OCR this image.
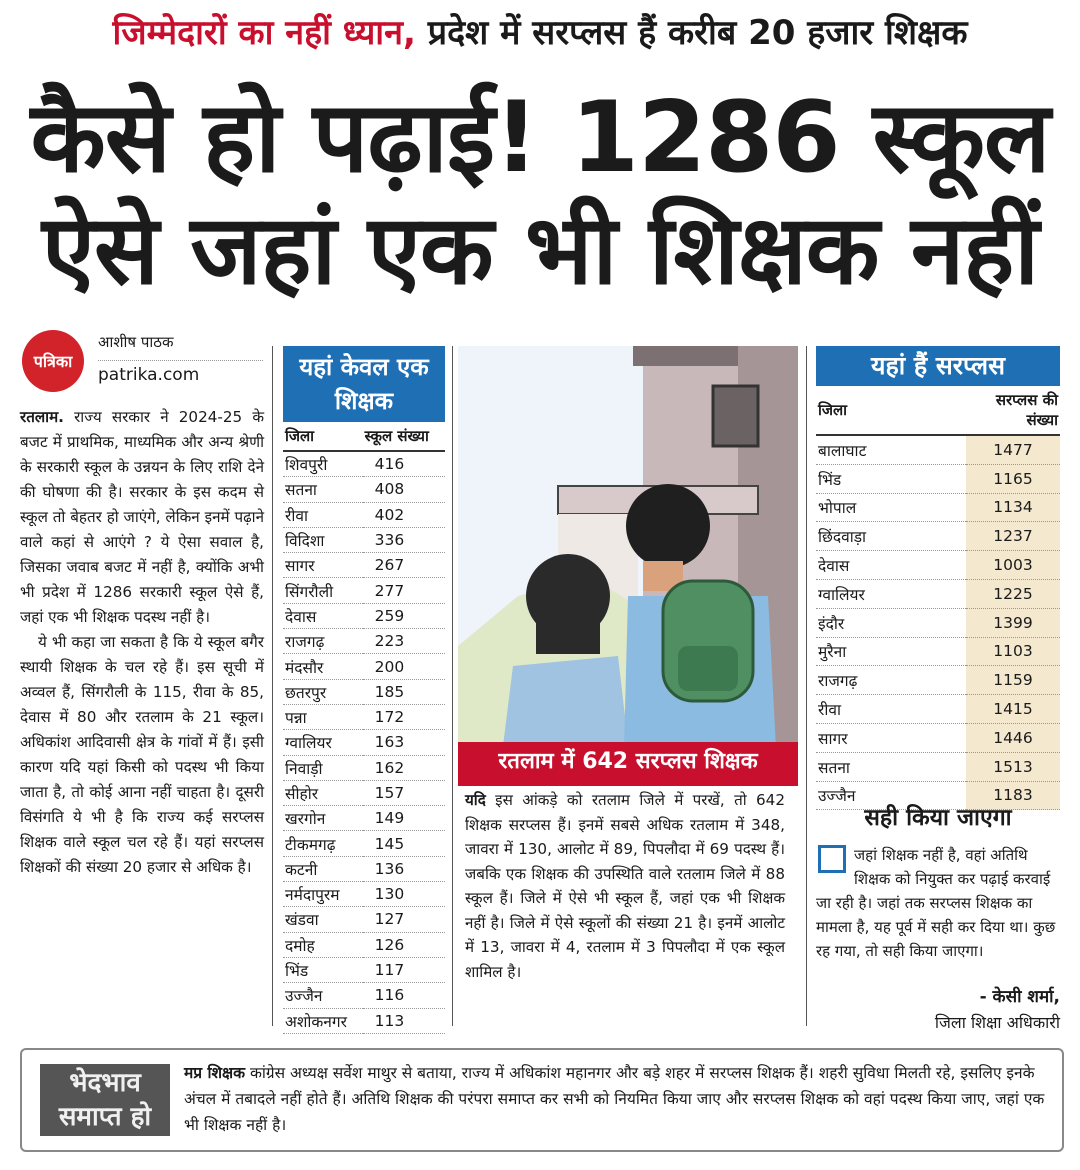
जिम्मेदारों का नहीं ध्यान, प्रदेश में सरप्लस हैं करीब 20 हजार शिक्षक
कैसे हो पढ़ाई! 1286 स्कूल
ऐसे जहां एक भी शिक्षक नहीं
पत्रिका
आशीष पाठक
patrika.com

रतलाम. राज्य सरकार ने 2024-25 के बजट में प्राथमिक, माध्यमिक और अन्य श्रेणी के सरकारी स्कूल के उन्नयन के लिए राशि देने की घोषणा की है। सरकार के इस कदम से स्कूल तो बेहतर हो जाएंगे, लेकिन इनमें पढ़ाने वाले कहां से आएंगे ? ये ऐसा सवाल है, जिसका जवाब बजट में नहीं है, क्योंकि अभी भी प्रदेश में 1286 सरकारी स्कूल ऐसे हैं, जहां एक भी शिक्षक पदस्थ नहीं है।

ये भी कहा जा सकता है कि ये स्कूल बगैर स्थायी शिक्षक के चल रहे हैं। इस सूची में अव्वल हैं, सिंगरौली के 115, रीवा के 85, देवास में 80 और रतलाम के 21 स्कूल। अधिकांश आदिवासी क्षेत्र के गांवों में हैं। इसी कारण यदि यहां किसी को पदस्थ भी किया जाता है, तो कोई आना नहीं चाहता है। दूसरी विसंगति ये भी है कि राज्य कई सरप्लस शिक्षक वाले स्कूल चल रहे हैं। यहां सरप्लस शिक्षकों की संख्या 20 हजार से अधिक है।

यहां केवल एक शिक्षक
जिला	स्कूल संख्या
शिवपुरी	416
सतना	408
रीवा	402
विदिशा	336
सागर	267
सिंगरौली	277
देवास	259
राजगढ़	223
मंदसौर	200
छतरपुर	185
पन्ना	172
ग्वालियर	163
निवाड़ी	162
सीहोर	157
खरगोन	149
टीकमगढ़	145
कटनी	136
नर्मदापुरम	130
खंडवा	127
दमोह	126
भिंड	117
उज्जैन	116
अशोकनगर	113
रतलाम में 642 सरप्लस शिक्षक
यदि इस आंकड़े को रतलाम जिले में परखें, तो 642 शिक्षक सरप्लस हैं। इनमें सबसे अधिक रतलाम में 348, जावरा में 130, आलोट में 89, पिपलौदा में 69 पदस्थ हैं। जबकि एक शिक्षक की उपस्थिति वाले रतलाम जिले में 88 स्कूल हैं। जिले में ऐसे भी स्कूल हैं, जहां एक भी शिक्षक नहीं है। जिले में ऐसे स्कूलों की संख्या 21 है। इनमें आलोट में 13, जावरा में 4, रतलाम में 3 पिपलौदा में एक स्कूल शामिल है।
यहां हैं सरप्लस
जिला	सरप्लस की संख्या
बालाघाट	1477
भिंड	1165
भोपाल	1134
छिंदवाड़ा	1237
देवास	1003
ग्वालियर	1225
इंदौर	1399
मुरैना	1103
राजगढ़	1159
रीवा	1415
सागर	1446
सतना	1513
उज्जैन	1183
सही किया जाएगा
जहां शिक्षक नहीं है, वहां अतिथि शिक्षक को नियुक्त कर पढ़ाई करवाई जा रही है। जहां तक सरप्लस शिक्षक का मामला है, यह पूर्व में सही कर दिया था। कुछ रह गया, तो सही किया जाएगा।
- केसी शर्मा,
जिला शिक्षा अधिकारी
भेदभाव
समाप्त हो
मप्र शिक्षक कांग्रेस अध्यक्ष सर्वेश माथुर से बताया, राज्य में अधिकांश महानगर और बड़े शहर में सरप्लस शिक्षक हैं। शहरी सुविधा मिलती रहे, इसलिए इनके अंचल में तबादले नहीं होते हैं। अतिथि शिक्षक की परंपरा समाप्त कर सभी को नियमित किया जाए और सरप्लस शिक्षक को वहां पदस्थ किया जाए, जहां एक भी शिक्षक नहीं है।
